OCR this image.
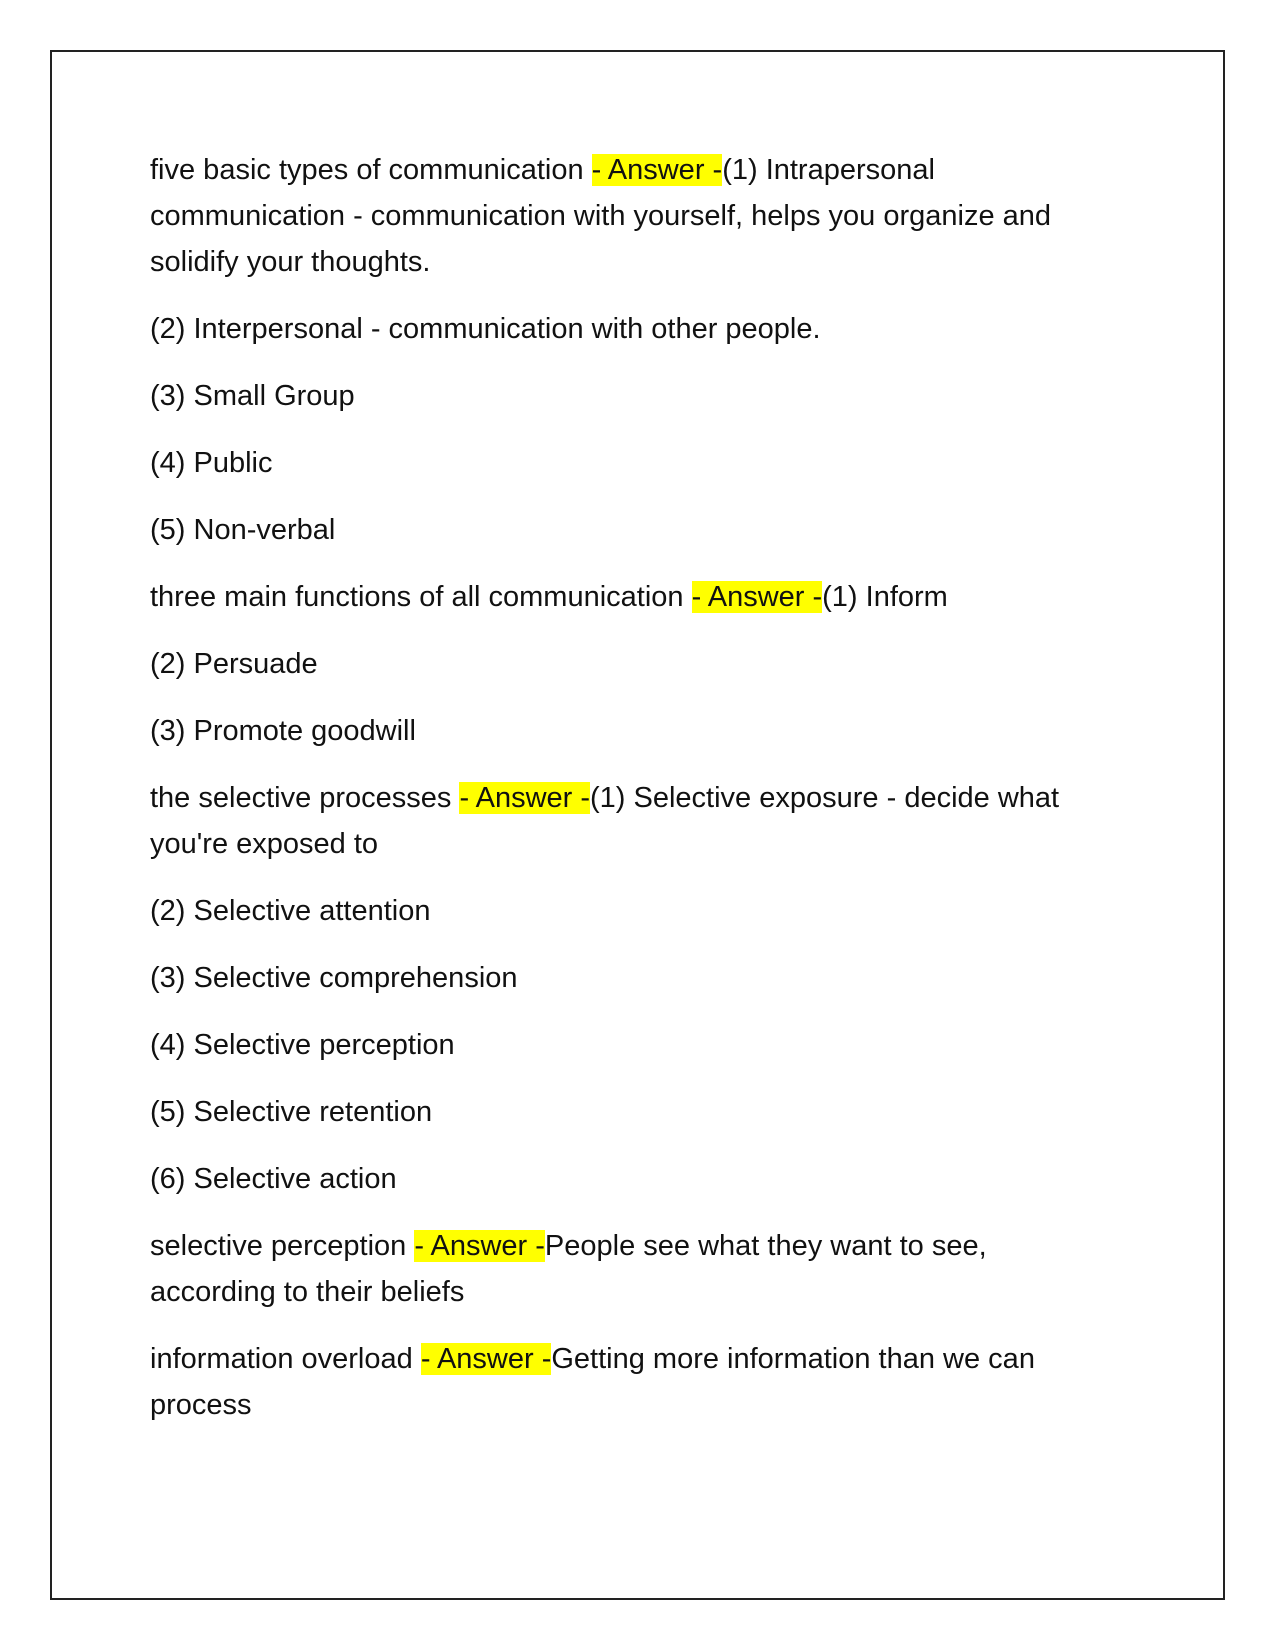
five basic types of communication - Answer -(1) Intrapersonal communication - communication with yourself, helps you organize and solidify your thoughts.

(2) Interpersonal - communication with other people.

(3) Small Group

(4) Public

(5) Non-verbal

three main functions of all communication - Answer -(1) Inform

(2) Persuade

(3) Promote goodwill

the selective processes - Answer -(1) Selective exposure - decide what you're exposed to

(2) Selective attention

(3) Selective comprehension

(4) Selective perception

(5) Selective retention

(6) Selective action

selective perception - Answer -People see what they want to see, according to their beliefs

information overload - Answer -Getting more information than we can process
